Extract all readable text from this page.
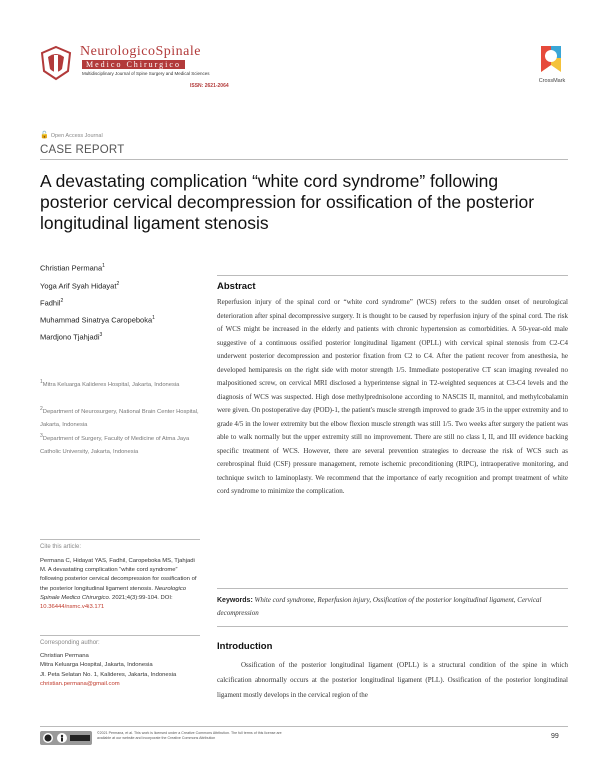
NeurologicoSpinale
Medico Chirurgico
Multidisciplinary Journal of Spine Surgery and Medical Sciences
ISSN: 2621-2064
CrossMark
🔓 Open Access Journal
CASE REPORT
A devastating complication “white cord syndrome” following posterior cervical decompression for ossification of the posterior longitudinal ligament stenosis
Christian Permana$^1$
Yoga Arif Syah Hidayat$^2$
Fadhil$^2$
Muhammad Sinatrya Caropeboka$^1$
Mardjono Tjahjadi$^3$
$^1$Mitra Keluarga Kalideres Hospital, Jakarta, Indonesia
$^2$Department of Neurosurgery, National Brain Center Hospital, Jakarta, Indonesia
$^3$Department of Surgery, Faculty of Medicine of Atma Jaya Catholic University, Jakarta, Indonesia
Cite this article:
Permana C, Hidayat YAS, Fadhil, Caropeboka MS, Tjahjadi M. A devastating complication “white cord syndrome” following posterior cervical decompression for ossification of the posterior longitudinal ligament stenosis. Neurologico Spinale Medico Chirurgico. 2021;4(3):99-104. DOI: 10.36444/nsmc.v4i3.171
Corresponding author:
Christian Permana
Mitra Keluarga Hospital, Jakarta, Indonesia
Jl. Peta Selatan No. 1, Kalideres, Jakarta, Indonesia
christian.permana@gmail.com
Abstract
Reperfusion injury of the spinal cord or “white cord syndrome” (WCS) refers to the sudden onset of neurological deterioration after spinal decompressive surgery. It is thought to be caused by reperfusion injury of the spinal cord. The risk of WCS might be increased in the elderly and patients with chronic hypertension as comorbidities. A 50-year-old male suggestive of a continuous ossified posterior longitudinal ligament (OPLL) with cervical spinal stenosis from C2-C4 underwent posterior decompression and posterior fixation from C2 to C4. After the patient recover from anesthesia, he developed hemiparesis on the right side with motor strength 1/5. Immediate postoperative CT scan imaging revealed no malpositioned screw, on cervical MRI disclosed a hyperintense signal in T2-weighted sequences at C3-C4 levels and the diagnosis of WCS was suspected. High dose methylprednisolone according to NASCIS II, mannitol, and methylcobalamin were given. On postoperative day (POD)-1, the patient's muscle strength improved to grade 3/5 in the upper extremity and to grade 4/5 in the lower extremity but the elbow flexion muscle strength was still 1/5. Two weeks after surgery the patient was able to walk normally but the upper extremity still no improvement. There are still no class I, II, and III evidence backing specific treatment of WCS. However, there are several prevention strategies to decrease the risk of WCS such as cerebrospinal fluid (CSF) pressure management, remote ischemic preconditioning (RIPC), intraoperative monitoring, and technique switch to laminoplasty. We recommend that the importance of early recognition and prompt treatment of white cord syndrome to minimize the complication.
Keywords: White cord syndrome, Reperfusion injury, Ossification of the posterior longitudinal ligament, Cervical decompression
Introduction
Ossification of the posterior longitudinal ligament (OPLL) is a structural condition of the spine in which calcification abnormally occurs at the posterior longitudinal ligament (PLL). Ossification of the posterior longitudinal ligament mostly develops in the cervical region of the
©2021 Permana, et al. This work is licensed under a Creative Commons Attribution. The full terms of this license are available at our website and incorporate the Creative Commons Attribution	99
